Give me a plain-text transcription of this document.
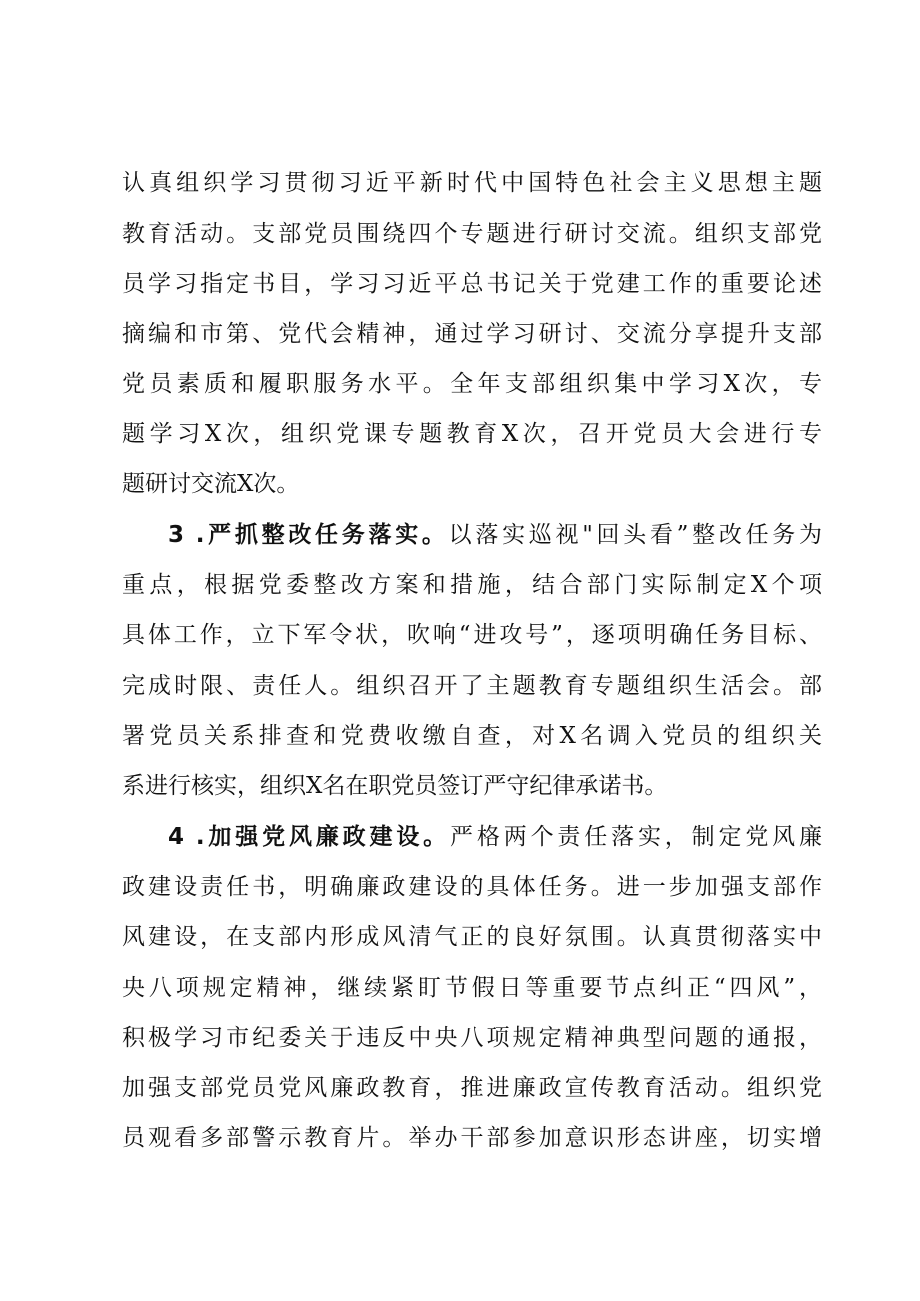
认真组织学习贯彻习近平新时代中国特色社会主义思想主题
教育活动。支部党员围绕四个专题进行研讨交流。组织支部党
员学习指定书目，学习习近平总书记关于党建工作的重要论述
摘编和市第、党代会精神，通过学习研讨、交流分享提升支部
党员素质和履职服务水平。全年支部组织集中学习X次，专
题学习X次，组织党课专题教育X次，召开党员大会进行专
题研讨交流X次。
3 .严抓整改任务落实。以落实巡视"回头看”整改任务为
重点，根据党委整改方案和措施，结合部门实际制定X个项
具体工作，立下军令状，吹响“进攻号”，逐项明确任务目标、
完成时限、责任人。组织召开了主题教育专题组织生活会。部
署党员关系排查和党费收缴自查，对X名调入党员的组织关
系进行核实，组织X名在职党员签订严守纪律承诺书。
4 .加强党风廉政建设。严格两个责任落实，制定党风廉
政建设责任书，明确廉政建设的具体任务。进一步加强支部作
风建设，在支部内形成风清气正的良好氛围。认真贯彻落实中
央八项规定精神，继续紧盯节假日等重要节点纠正“四风”，
积极学习市纪委关于违反中央八项规定精神典型问题的通报，
加强支部党员党风廉政教育，推进廉政宣传教育活动。组织党
员观看多部警示教育片。举办干部参加意识形态讲座，切实增
